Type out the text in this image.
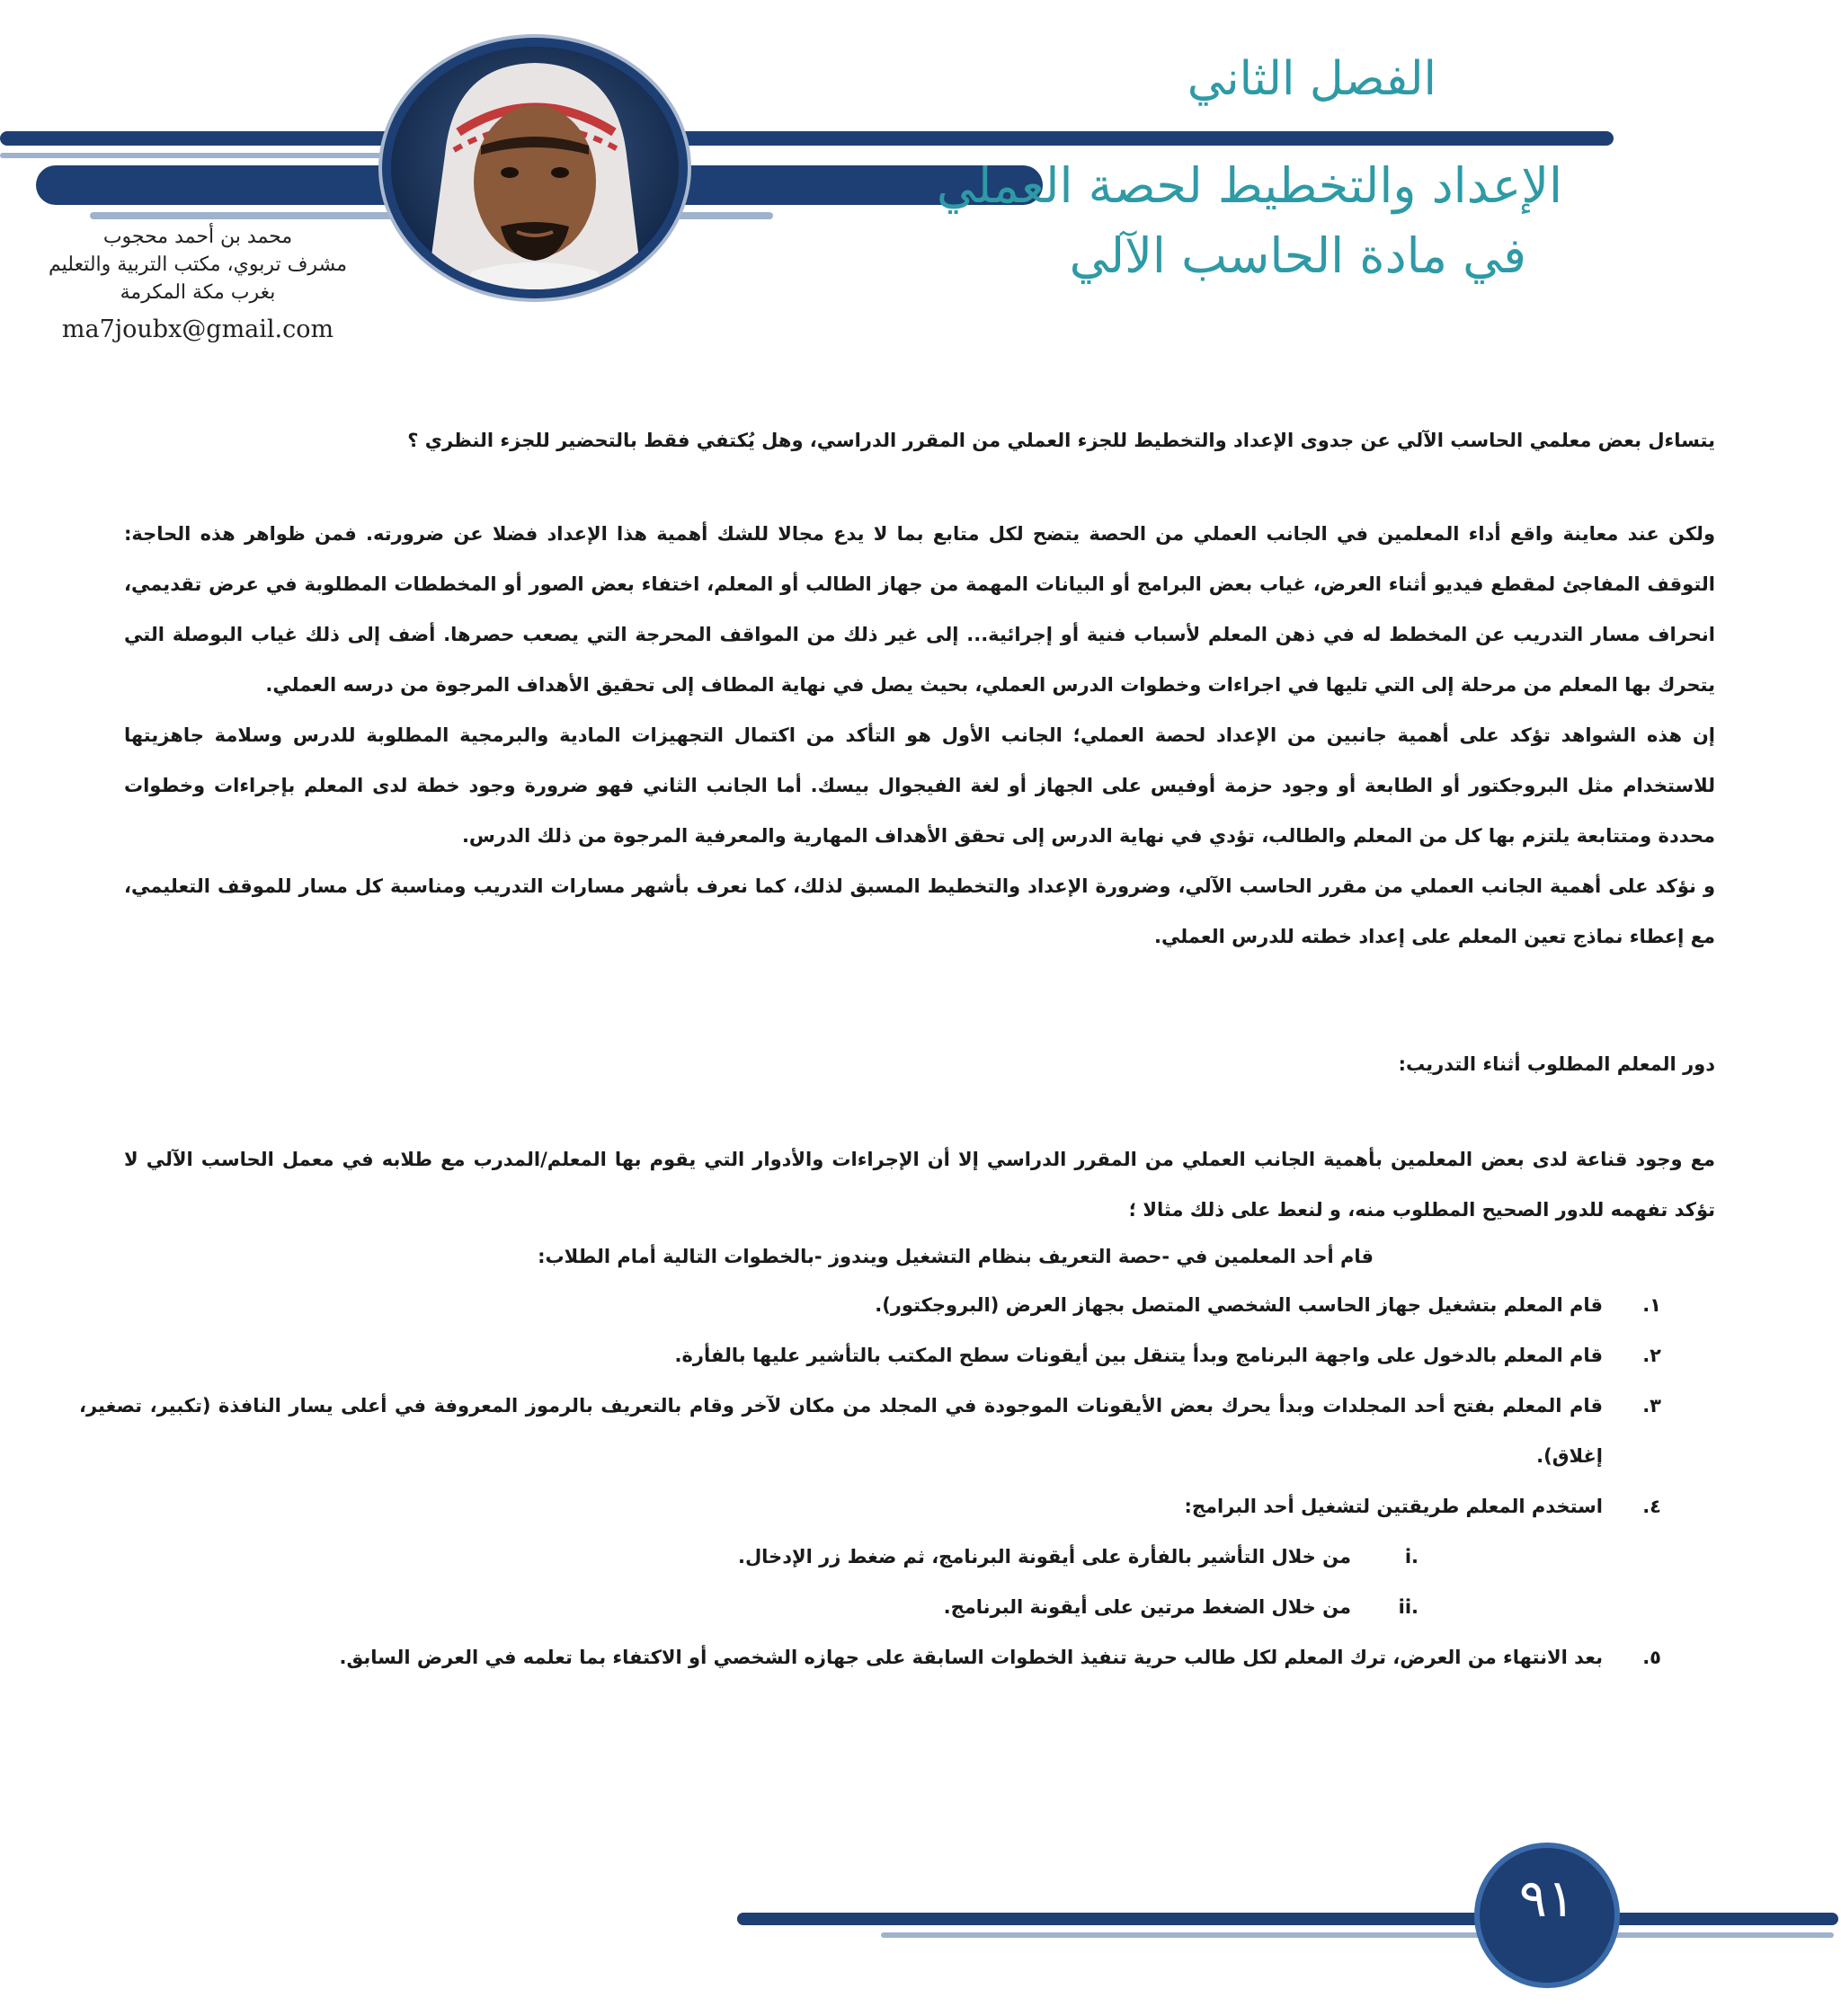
الفصل الثاني
الإعداد والتخطيط لحصة العملي
في مادة الحاسب الآلي
محمد بن أحمد محجوب
مشرف تربوي، مكتب التربية والتعليم
بغرب مكة المكرمة
ma7joubx@gmail.com

يتساءل بعض معلمي الحاسب الآلي عن جدوى الإعداد والتخطيط للجزء العملي من المقرر الدراسي، وهل يُكتفي فقط بالتحضير للجزء النظري ؟

ولكن عند معاينة واقع أداء المعلمين في الجانب العملي من الحصة يتضح لكل متابع بما لا يدع مجالا للشك أهمية هذا الإعداد فضلا عن ضرورته. فمن ظواهر هذه الحاجة: التوقف المفاجئ لمقطع فيديو أثناء العرض، غياب بعض البرامج أو البيانات المهمة من جهاز الطالب أو المعلم، اختفاء بعض الصور أو المخططات المطلوبة في عرض تقديمي، انحراف مسار التدريب عن المخطط له في ذهن المعلم لأسباب فنية أو إجرائية... إلى غير ذلك من المواقف المحرجة التي يصعب حصرها. أضف إلى ذلك غياب البوصلة التي يتحرك بها المعلم من مرحلة إلى التي تليها في اجراءات وخطوات الدرس العملي، بحيث يصل في نهاية المطاف إلى تحقيق الأهداف المرجوة من درسه العملي.

إن هذه الشواهد تؤكد على أهمية جانبين من الإعداد لحصة العملي؛ الجانب الأول هو التأكد من اكتمال التجهيزات المادية والبرمجية المطلوبة للدرس وسلامة جاهزيتها للاستخدام مثل البروجكتور أو الطابعة أو وجود حزمة أوفيس على الجهاز أو لغة الفيجوال بيسك. أما الجانب الثاني فهو ضرورة وجود خطة لدى المعلم بإجراءات وخطوات محددة ومتتابعة يلتزم بها كل من المعلم والطالب، تؤدي في نهاية الدرس إلى تحقق الأهداف المهارية والمعرفية المرجوة من ذلك الدرس.

و نؤكد على أهمية الجانب العملي من مقرر الحاسب الآلي، وضرورة الإعداد والتخطيط المسبق لذلك، كما نعرف بأشهر مسارات التدريب ومناسبة كل مسار للموقف التعليمي، مع إعطاء نماذج تعين المعلم على إعداد خطته للدرس العملي.

دور المعلم المطلوب أثناء التدريب:

مع وجود قناعة لدى بعض المعلمين بأهمية الجانب العملي من المقرر الدراسي إلا أن الإجراءات والأدوار التي يقوم بها المعلم/المدرب مع طلابه في معمل الحاسب الآلي لا تؤكد تفهمه للدور الصحيح المطلوب منه، و لنعط على ذلك مثالا ؛

قام أحد المعلمين في -حصة التعريف بنظام التشغيل ويندوز -بالخطوات التالية أمام الطلاب:

١.
قام المعلم بتشغيل جهاز الحاسب الشخصي المتصل بجهاز العرض (البروجكتور).

٢.
قام المعلم بالدخول على واجهة البرنامج وبدأ يتنقل بين أيقونات سطح المكتب بالتأشير عليها بالفأرة.

٣.
قام المعلم بفتح أحد المجلدات وبدأ يحرك بعض الأيقونات الموجودة في المجلد من مكان لآخر وقام بالتعريف بالرموز المعروفة في أعلى يسار النافذة (تكبير، تصغير، إغلاق).

٤.
استخدم المعلم طريقتين لتشغيل أحد البرامج:

i.
من خلال التأشير بالفأرة على أيقونة البرنامج، ثم ضغط زر الإدخال.

ii.
من خلال الضغط مرتين على أيقونة البرنامج.

٥.
بعد الانتهاء من العرض، ترك المعلم لكل طالب حرية تنفيذ الخطوات السابقة على جهازه الشخصي أو الاكتفاء بما تعلمه في العرض السابق.

٩١
